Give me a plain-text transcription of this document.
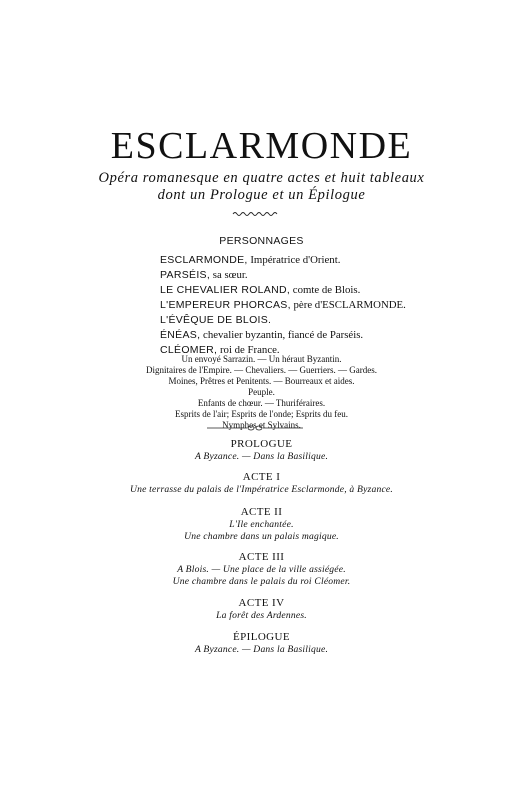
ESCLARMONDE
Opéra romanesque en quatre actes et huit tableaux
dont un Prologue et un Épilogue
PERSONNAGES
ESCLARMONDE, Impératrice d'Orient.
PARSÉIS, sa sœur.
LE CHEVALIER ROLAND, comte de Blois.
L'EMPEREUR PHORCAS, père d'ESCLARMONDE.
L'ÉVÊQUE DE BLOIS.
ÉNÉAS, chevalier byzantin, fiancé de Parséis.
CLÉOMER, roi de France.
Un envoyé Sarrazin. — Un héraut Byzantin.
Dignitaires de l'Empire. — Chevaliers. — Guerriers. — Gardes.
Moines, Prêtres et Penitents. — Bourreaux et aides.
Peuple.
Enfants de chœur. — Thuriféraires.
Esprits de l'air; Esprits de l'onde; Esprits du feu.
Nymphes et Sylvains.
PROLOGUE
A Byzance. — Dans la Basilique.
ACTE I
Une terrasse du palais de l'Impératrice Esclarmonde, à Byzance.
ACTE II
L'Ile enchantée.
Une chambre dans un palais magique.
ACTE III
A Blois. — Une place de la ville assiégée.
Une chambre dans le palais du roi Cléomer.
ACTE IV
La forêt des Ardennes.
ÉPILOGUE
A Byzance. — Dans la Basilique.
